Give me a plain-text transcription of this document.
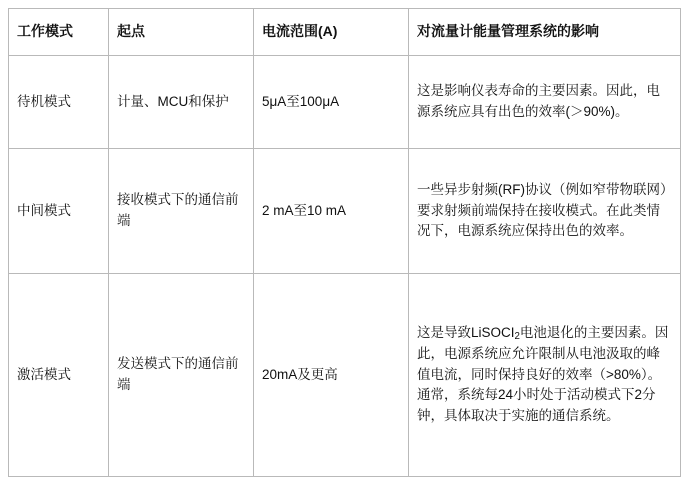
工作模式	起点	电流范围(A)	对流量计能量管理系统的影响
待机模式	计量、MCU和保护	5μA至100μA	这是影响仪表寿命的主要因素。因此，电源系统应具有出色的效率(＞90%)。
中间模式	接收模式下的通信前端	2 mA至10 mA	一些异步射频(RF)协议（例如窄带物联网）要求射频前端保持在接收模式。在此类情况下，电源系统应保持出色的效率。
激活模式	发送模式下的通信前端	20mA及更高	这是导致LiSOCI$_2$电池退化的主要因素。因此，电源系统应允许限制从电池汲取的峰值电流，同时保持良好的效率（>80%）。通常，系统每24小时处于活动模式下2分钟，具体取决于实施的通信系统。
